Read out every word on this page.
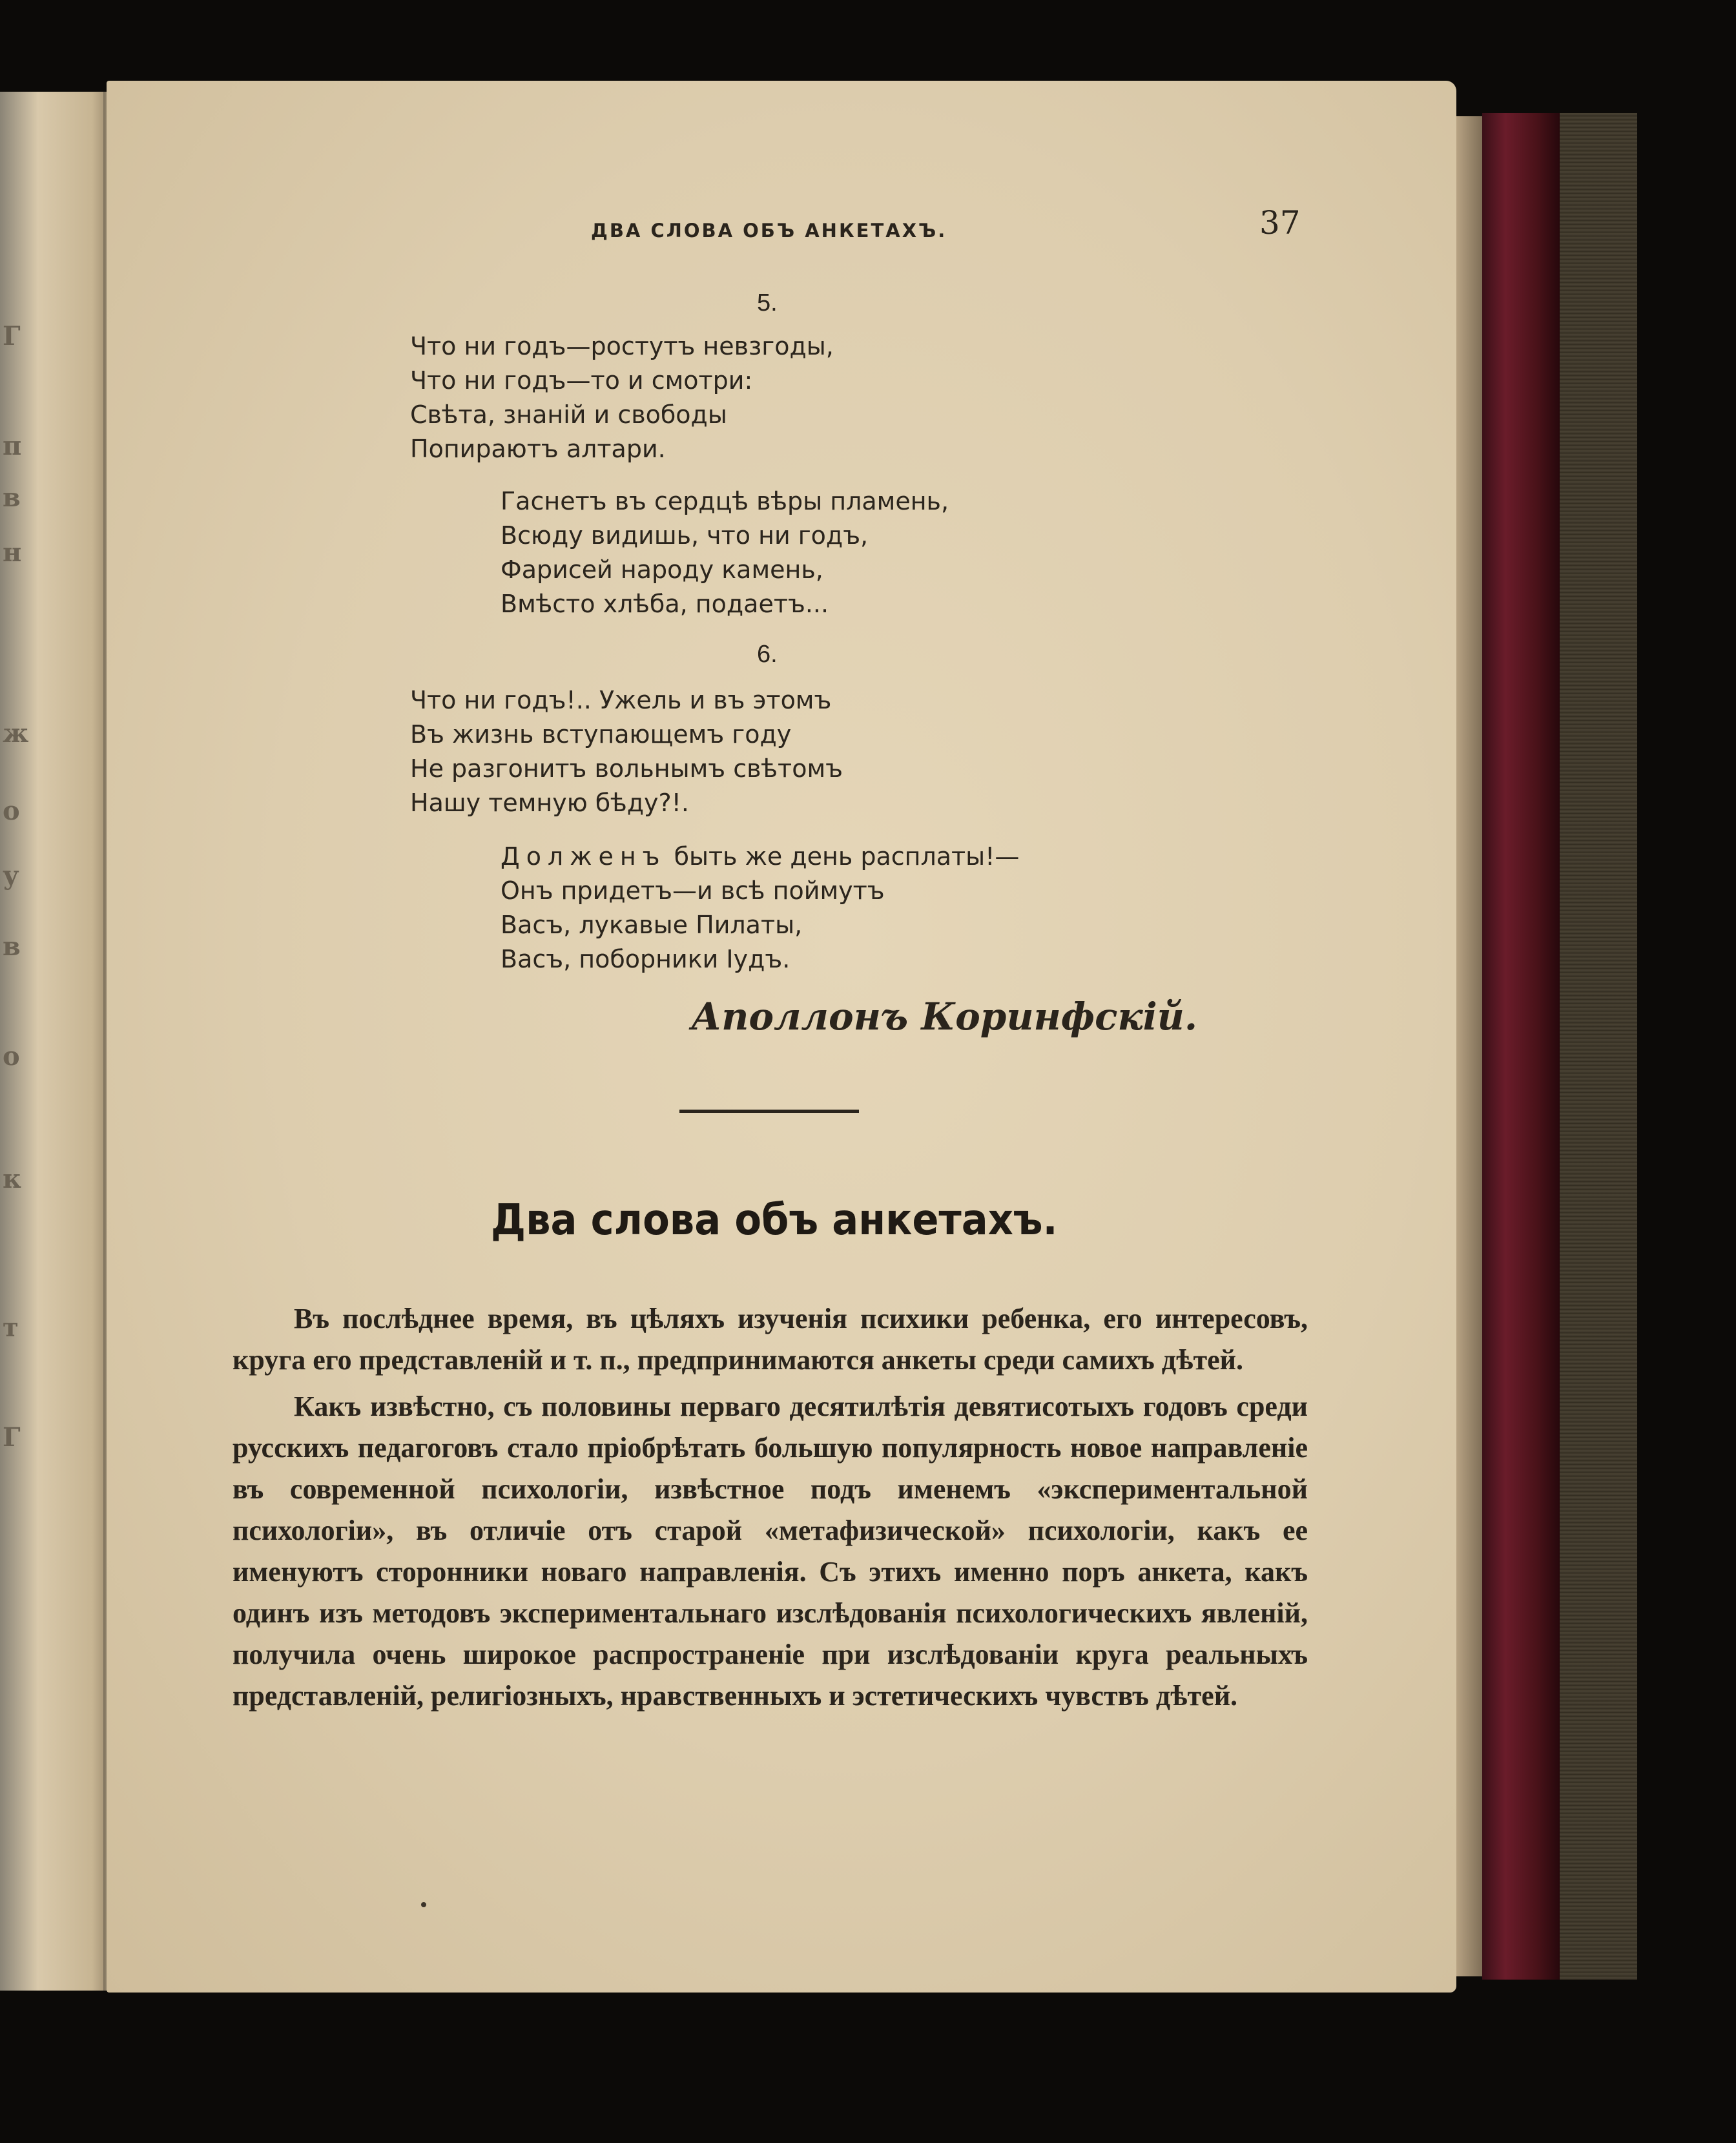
Г
п
в
н
ж
о
у
в
о
к
т
Г
ДВА СЛОВА ОБЪ АНКЕТАХЪ.	37
5.
Что ни годъ—ростутъ невзгоды,
Что ни годъ—то и смотри:
Свѣта, знаній и свободы
Попираютъ алтари.
Гаснетъ въ сердцѣ вѣры пламень,
Всюду видишь, что ни годъ,
Фарисей народу камень,
Вмѣсто хлѣба, подаетъ...
6.
Что ни годъ!.. Ужель и въ этомъ
Въ жизнь вступающемъ году
Не разгонитъ вольнымъ свѣтомъ
Нашу темную бѣду?!.
Долженъ быть же день расплаты!—
Онъ придетъ—и всѣ поймутъ
Васъ, лукавые Пилаты,
Васъ, поборники Іудъ.
Аполлонъ Коринфскій.
Два слова объ анкетахъ.

Въ послѣднее время, въ цѣляхъ изученія психики ребенка, его интересовъ, круга его представленій и т. п., предпринимаются анкеты среди самихъ дѣтей.

Какъ извѣстно, съ половины перваго десятилѣтія девятисотыхъ годовъ среди русскихъ педагоговъ стало пріобрѣтать большую популярность новое направленіе въ современной психологіи, извѣстное подъ именемъ «экспериментальной психологіи», въ отличіе отъ старой «метафизической» психологіи, какъ ее именуютъ сторонники новаго направленія. Съ этихъ именно поръ анкета, какъ одинъ изъ методовъ экспериментальнаго изслѣдованія психологическихъ явленій, получила очень широкое распространеніе при изслѣдованіи круга реальныхъ представленій, религіозныхъ, нравственныхъ и эстетическихъ чувствъ дѣтей.
